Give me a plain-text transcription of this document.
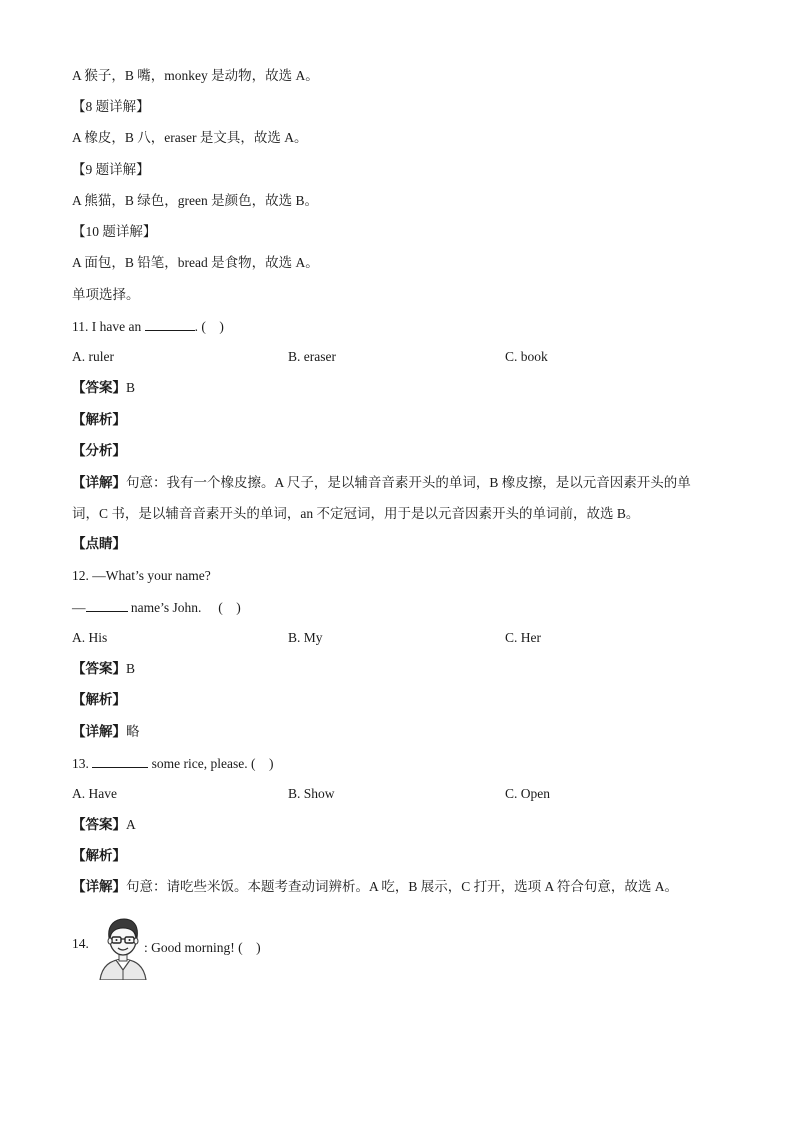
A 猴子，B 嘴，monkey 是动物，故选 A。
【8 题详解】
A 橡皮，B 八，eraser 是文具，故选 A。
【9 题详解】
A 熊猫，B 绿色，green 是颜色，故选 B。
【10 题详解】
A 面包，B 铅笔，bread 是食物，故选 A。
单项选择。
11. I have an	. (　)
A. ruler	B. eraser	C. book
【答案】B
【解析】
【分析】
【详解】句意：我有一个橡皮擦。A 尺子，是以辅音音素开头的单词，B 橡皮擦，是以元音因素开头的单
词，C 书，是以辅音音素开头的单词，an 不定冠词，用于是以元音因素开头的单词前，故选 B。
【点睛】
12. —What’s your name?
—	name’s John.　 (　)
A. His	B. My	C. Her
【答案】B
【解析】
【详解】略
13.	some rice, please. (　)
A. Have	B. Show	C. Open
【答案】A
【解析】
【详解】句意：请吃些米饭。本题考查动词辨析。A 吃，B 展示，C 打开，选项 A 符合句意，故选 A。
14.	: Good morning! (　)
